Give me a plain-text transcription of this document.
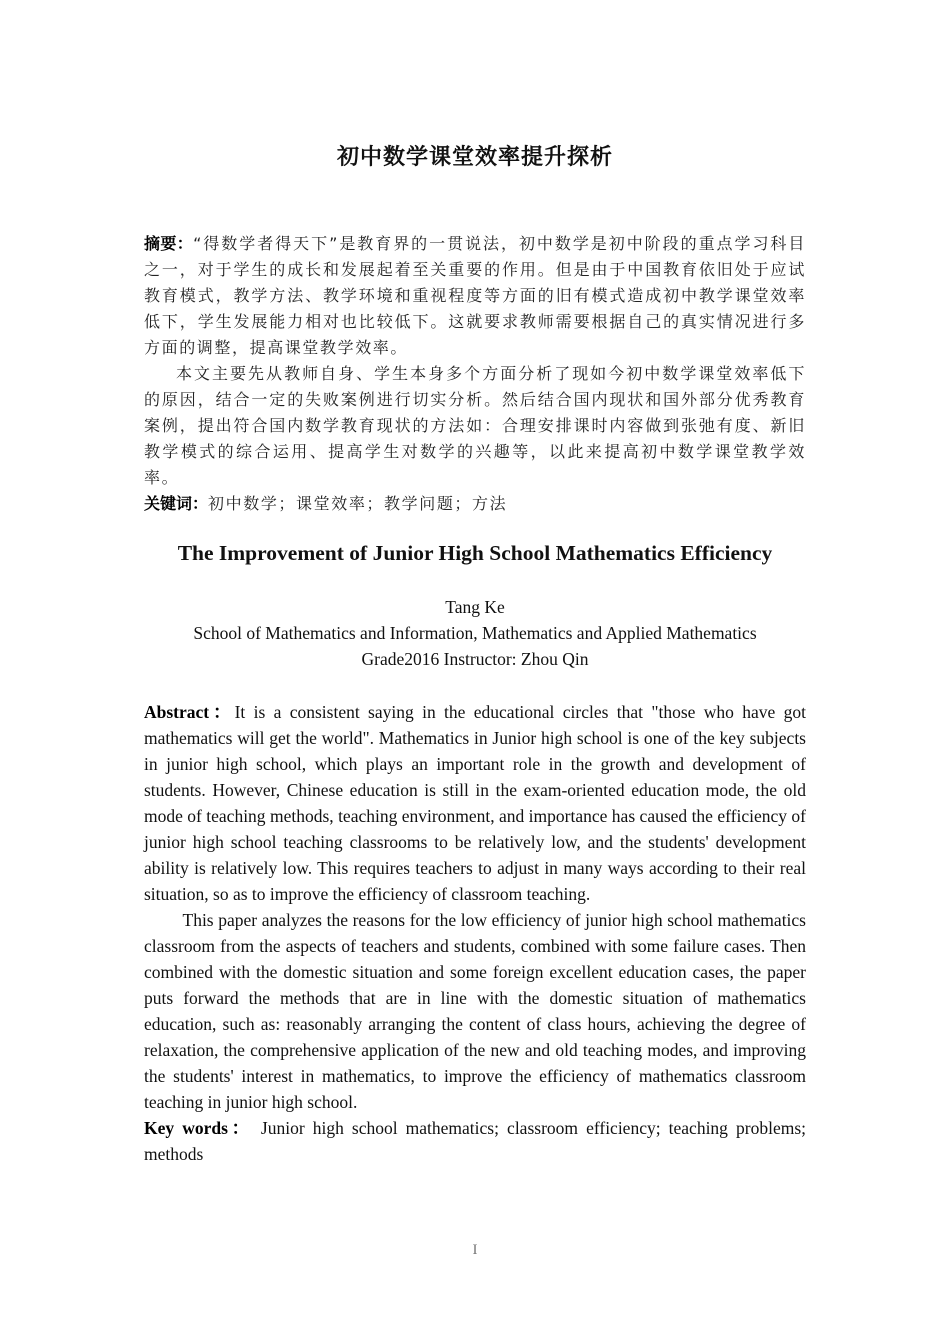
初中数学课堂效率提升探析

摘要：“得数学者得天下”是教育界的一贯说法，初中数学是初中阶段的重点学习科目之一，对于学生的成长和发展起着至关重要的作用。但是由于中国教育依旧处于应试教育模式，教学方法、教学环境和重视程度等方面的旧有模式造成初中教学课堂效率低下，学生发展能力相对也比较低下。这就要求教师需要根据自己的真实情况进行多方面的调整，提高课堂教学效率。

本文主要先从教师自身、学生本身多个方面分析了现如今初中数学课堂效率低下的原因，结合一定的失败案例进行切实分析。然后结合国内现状和国外部分优秀教育案例，提出符合国内数学教育现状的方法如：合理安排课时内容做到张弛有度、新旧教学模式的综合运用、提高学生对数学的兴趣等，以此来提高初中数学课堂教学效率。

关键词：初中数学；课堂效率；教学问题；方法

The Improvement of Junior High School Mathematics Efficiency
Tang Ke
School of Mathematics and Information, Mathematics and Applied Mathematics
Grade2016 Instructor: Zhou Qin

Abstract：It is a consistent saying in the educational circles that "those who have got mathematics will get the world". Mathematics in Junior high school is one of the key subjects in junior high school, which plays an important role in the growth and development of students. However, Chinese education is still in the exam-oriented education mode, the old mode of teaching methods, teaching environment, and importance has caused the efficiency of junior high school teaching classrooms to be relatively low, and the students' development ability is relatively low. This requires teachers to adjust in many ways according to their real situation, so as to improve the efficiency of classroom teaching.

This paper analyzes the reasons for the low efficiency of junior high school mathematics classroom from the aspects of teachers and students, combined with some failure cases. Then combined with the domestic situation and some foreign excellent education cases, the paper puts forward the methods that are in line with the domestic situation of mathematics education, such as: reasonably arranging the content of class hours, achieving the degree of relaxation, the comprehensive application of the new and old teaching modes, and improving the students' interest in mathematics, to improve the efficiency of mathematics classroom teaching in junior high school.

Key words： Junior high school mathematics; classroom efficiency; teaching problems; methods

I
